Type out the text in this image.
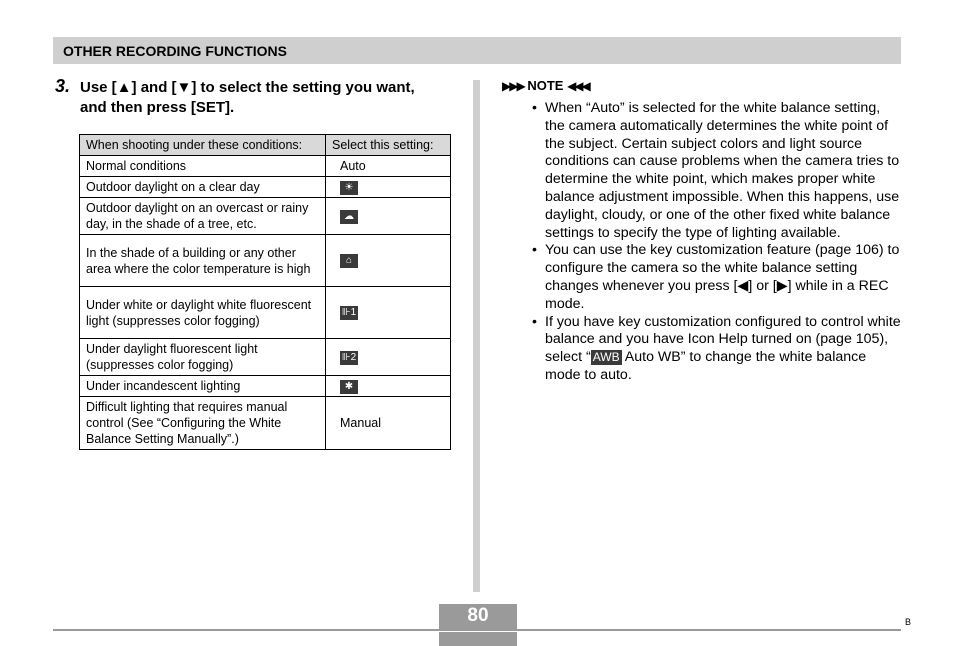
OTHER RECORDING FUNCTIONS
3. Use [▲] and [▼] to select the setting you want, and then press [SET].
When shooting under these conditions:	Select this setting:
Normal conditions	Auto
Outdoor daylight on a clear day	☀
Outdoor daylight on an overcast or rainy day, in the shade of a tree, etc.	☁
In the shade of a building or any other area where the color temperature is high	⌂
Under white or daylight white fluorescent light (suppresses color fogging)	⊪1
Under daylight fluorescent light (suppresses color fogging)	⊪2
Under incandescent lighting	✱
Difficult lighting that requires manual control (See “Configuring the White Balance Setting Manually”.)	Manual
▶▶▶ NOTE ◀◀◀
• When “Auto” is selected for the white balance setting, the camera automatically determines the white point of the subject. Certain subject colors and light source conditions can cause problems when the camera tries to determine the white point, which makes proper white balance adjustment impossible. When this happens, use daylight, cloudy, or one of the other fixed white balance settings to specify the type of lighting available.
• You can use the key customization feature (page 106) to configure the camera so the white balance setting changes whenever you press [◀] or [▶] while in a REC mode.
• If you have key customization configured to control white balance and you have Icon Help turned on (page 105), select “ AWB Auto WB” to change the white balance mode to auto.
80	B
